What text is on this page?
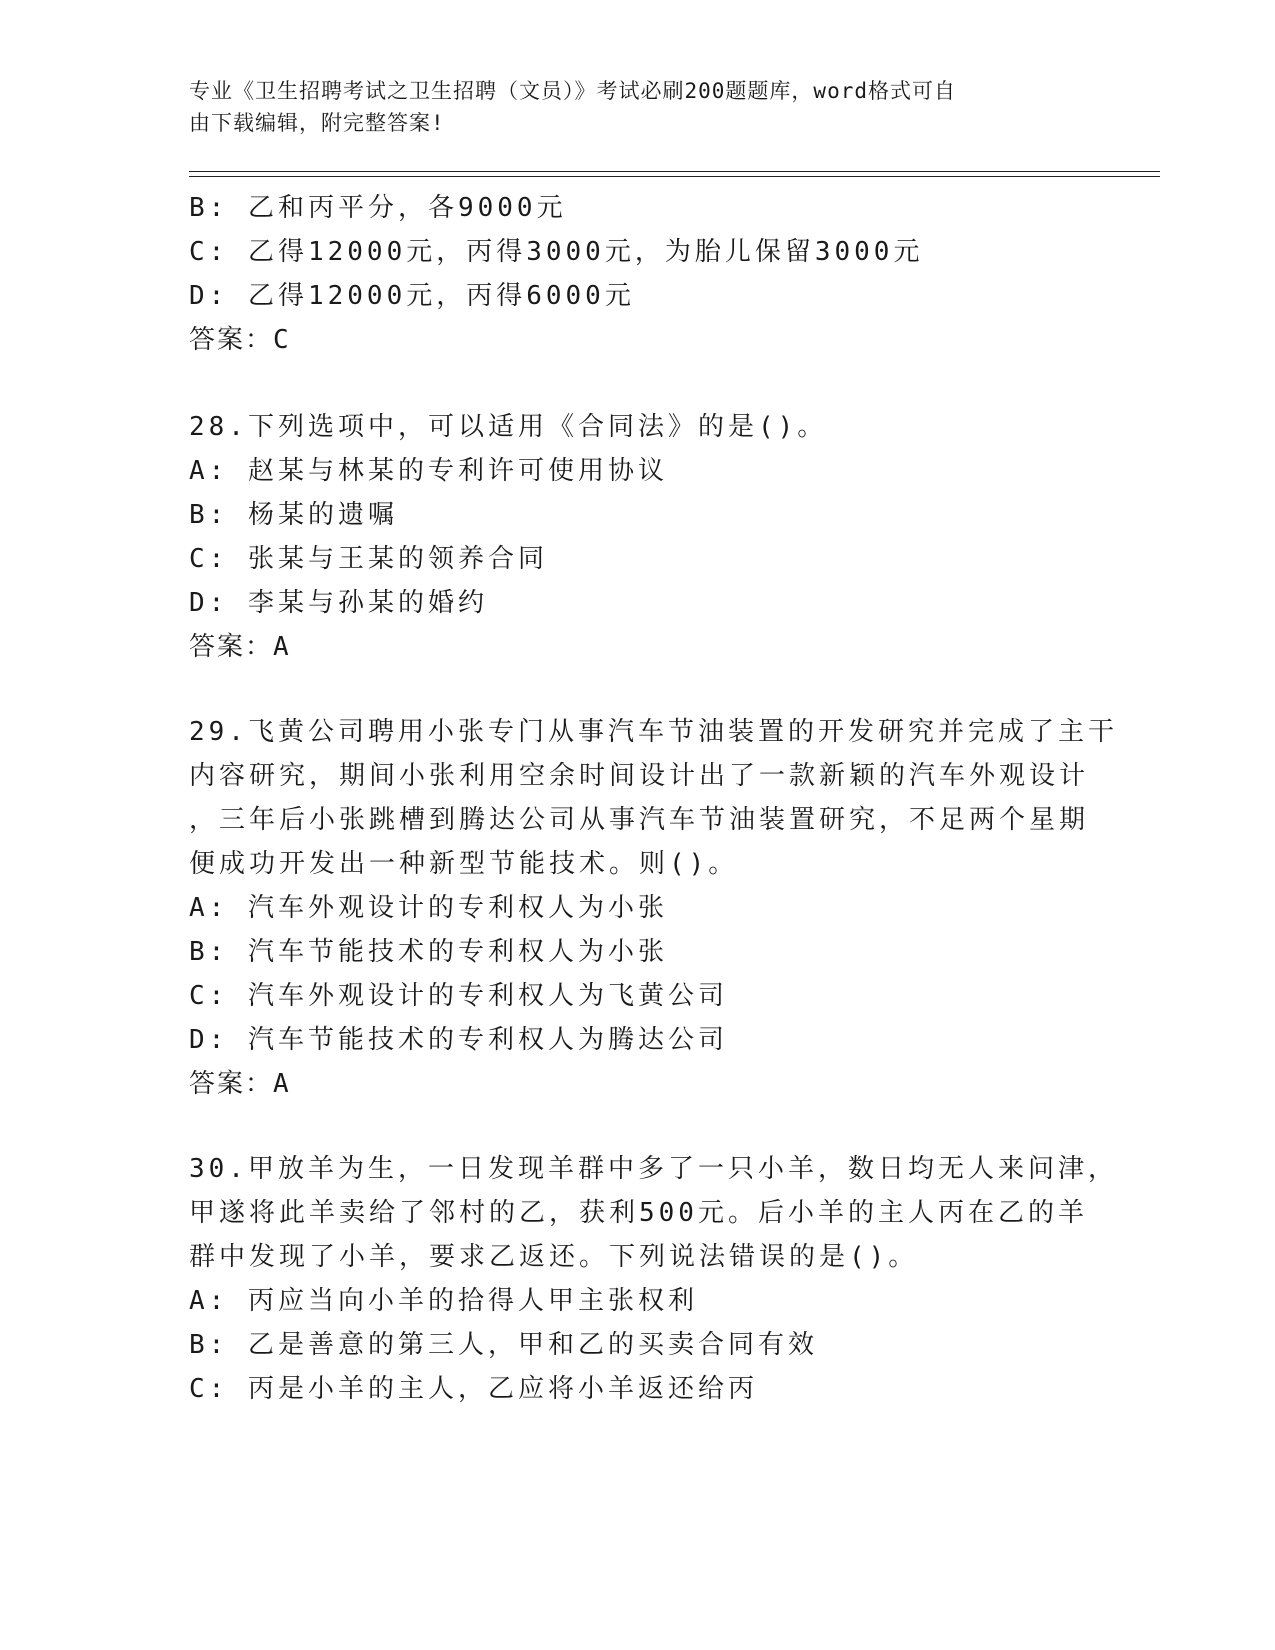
专业《卫生招聘考试之卫生招聘（文员）》考试必刷200题题库，word格式可自
由下载编辑，附完整答案!
B: 乙和丙平分，各9000元
C: 乙得12000元，丙得3000元，为胎儿保留3000元
D: 乙得12000元，丙得6000元
答案：C
28.下列选项中，可以适用《合同法》的是()。
A: 赵某与林某的专利许可使用协议
B: 杨某的遗嘱
C: 张某与王某的领养合同
D: 李某与孙某的婚约
答案：A
29.飞黄公司聘用小张专门从事汽车节油装置的开发研究并完成了主干
内容研究，期间小张利用空余时间设计出了一款新颖的汽车外观设计
，三年后小张跳槽到腾达公司从事汽车节油装置研究，不足两个星期
便成功开发出一种新型节能技术。则()。
A: 汽车外观设计的专利权人为小张
B: 汽车节能技术的专利权人为小张
C: 汽车外观设计的专利权人为飞黄公司
D: 汽车节能技术的专利权人为腾达公司
答案：A
30.甲放羊为生，一日发现羊群中多了一只小羊，数日均无人来问津，
甲遂将此羊卖给了邻村的乙，获利500元。后小羊的主人丙在乙的羊
群中发现了小羊，要求乙返还。下列说法错误的是()。
A: 丙应当向小羊的拾得人甲主张权利
B: 乙是善意的第三人，甲和乙的买卖合同有效
C: 丙是小羊的主人，乙应将小羊返还给丙
